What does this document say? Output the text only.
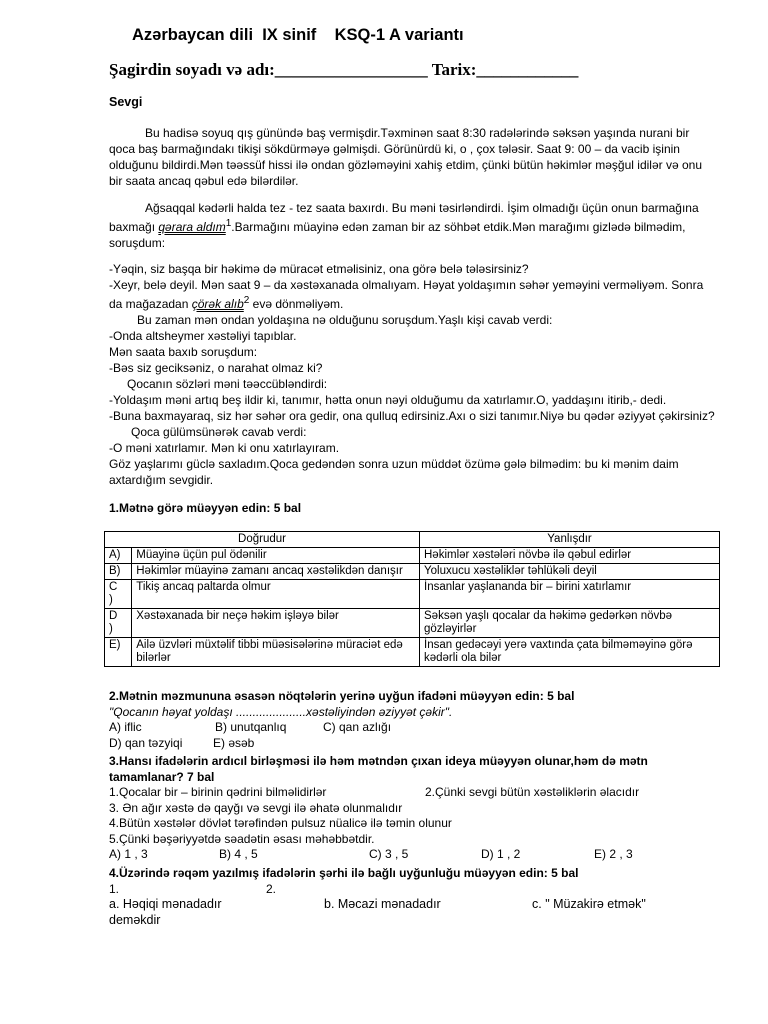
Azərbaycan dili  IX sinif    KSQ-1 A variantı
Şagirdin soyadı və adı:__________________ Tarix:____________
Sevgi

Bu hadisə soyuq qış günündə baş vermişdir.Təxminən saat 8:30 radələrində səksən yaşında nurani bir qoca baş barmağındakı tikişi sökdürməyə gəlmişdi. Görünürdü ki, o , çox tələsir. Saat 9: 00 – da vacib işinin olduğunu bildirdi.Mən təəssüf hissi ilə ondan gözləməyini xahiş etdim, çünki bütün həkimlər məşğul idilər və onu bir saata ancaq qəbul edə bilərdilər.

Ağsaqqal kədərli halda tez - tez saata baxırdı. Bu məni təsirləndirdi. İşim olmadığı üçün onun barmağına baxmağı qərara aldım$^1$.Barmağını müayinə edən zaman bir az söhbət etdik.Mən marağımı gizlədə bilmədim, soruşdum:

-Yəqin, siz başqa bir həkimə də müracət etməlisiniz, ona görə belə tələsirsiniz?

-Xeyr, belə deyil. Mən saat 9 – da xəstəxanada olmalıyam. Həyat yoldaşımın səhər yeməyini verməliyəm. Sonra da mağazadan çörək alıb$^2$ evə dönməliyəm.

Bu zaman mən ondan yoldaşına nə olduğunu soruşdum.Yaşlı kişi cavab verdi:

-Onda altsheymer xəstəliyi tapıblar.

Mən saata baxıb soruşdum:

-Bəs siz geciksəniz, o narahat olmaz ki?

Qocanın sözləri məni təəccübləndirdi:

-Yoldaşım məni artıq beş ildir ki, tanımır, hətta onun nəyi olduğumu da xatırlamır.O, yaddaşını itirib,- dedi.

-Buna baxmayaraq, siz hər səhər ora gedir, ona qulluq edirsiniz.Axı o sizi tanımır.Niyə bu qədər əziyyət çəkirsiniz?

Qoca gülümsünərək cavab verdi:

-O məni xatırlamır. Mən ki onu xatırlayıram.

Göz yaşlarımı güclə saxladım.Qoca gedəndən sonra uzun müddət özümə gələ bilmədim: bu ki mənim daim axtardığım sevgidir.

1.Mətnə görə müəyyən edin: 5 bal
Doğrudur		Yanlışdır
A)	Müayinə üçün pul ödənilir	Həkimlər xəstələri növbə ilə qəbul edirlər
B)	Həkimlər müayinə zamanı ancaq xəstəlikdən danışır	Yoluxucu xəstəliklər təhlükəli deyil
C
)	Tikiş ancaq paltarda olmur	İnsanlar yaşlananda bir – birini xatırlamır
D
)	Xəstəxanada bir neçə həkim işləyə bilər	Səksən yaşlı qocalar da həkimə gedərkən növbə gözləyirlər
E)	Ailə üzvləri müxtəlif tibbi müəsisələrinə müraciət edə bilərlər	İnsan gedəcəyi yerə vaxtında çata bilməməyinə görə kədərli ola bilər

2.Mətnin məzmununa əsasən nöqtələrin yerinə uyğun ifadəni müəyyən edin: 5 bal

"Qocanın həyat yoldaşı .....................xəstəliyindən əziyyət çəkir".

A) iflic	B) unutqanlıq	C) qan azlığı
D) qan təzyiqi	E) əsəb

3.Hansı ifadələrin ardıcıl birləşməsi ilə həm mətndən çıxan ideya müəyyən olunar,həm də mətn tamamlanar? 7 bal

1.Qocalar bir – birinin qədrini bilməlidirlər	2.Çünki sevgi bütün xəstəliklərin əlacıdır

3. Ən ağır xəstə də qayğı və sevgi ilə əhatə olunmalıdır

4.Bütün xəstələr dövlət tərəfindən pulsuz nüalicə ilə təmin olunur

5.Çünki bəşəriyyətdə səadətin əsası məhəbbətdir.

A) 1 , 3	B) 4 , 5	C) 3 , 5	D) 1 , 2	E) 2 , 3

4.Üzərində rəqəm yazılmış ifadələrin şərhi ilə bağlı uyğunluğu müəyyən edin: 5 bal

1.	2.
a. Həqiqi mənadadır	b. Məcazi mənadadır	c. " Müzakirə etmək"

deməkdir
